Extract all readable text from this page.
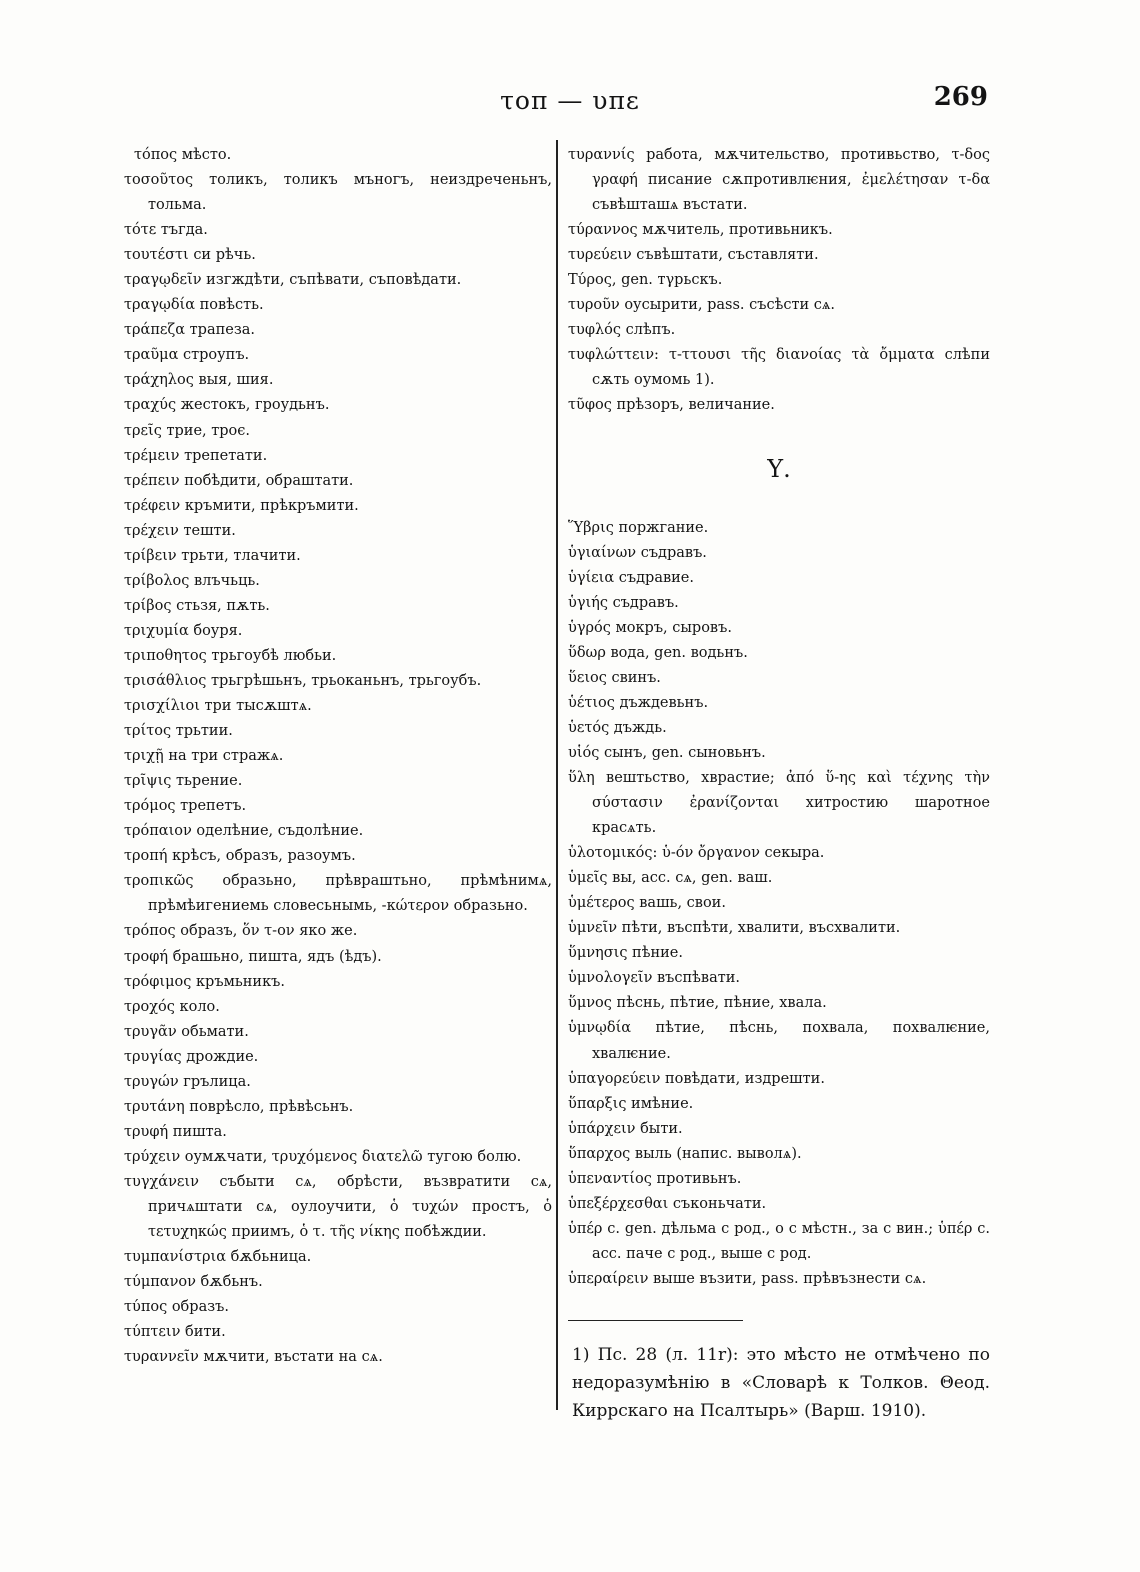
τοπ — υπε	269
τόπος мѣсто.
τοσοῦτος толикъ, толикъ мъногъ, неиздреченьнъ, тольма.
τότε тъгда.
τουτέστι си рѣчь.
τραγῳδεῖν изгждѣти, съпѣвати, съповѣдати.
τραγῳδία повѣсть.
τράπεζα трапеза.
τραῦμα строупъ.
τράχηλος выя, шия.
τραχύς жестокъ, гроудьнъ.
τρεῖς трие, троє.
τρέμειν трепетати.
τρέπειν побѣдити, обраштати.
τρέφειν кръмити, прѣкръмити.
τρέχειν тешти.
τρίβειν трьти, тлачити.
τρίβολος влъчьць.
τρίβος стьзя, пѫть.
τριχυμία боуря.
τριποθητος трьгоубѣ любьи.
τρισάθλιος трьгрѣшьнъ, трьоканьнъ, трьгоубъ.
τρισχίλιοι три тысѫштѧ.
τρίτος трьтии.
τριχῇ на три стражѧ.
τρῖψις тьрение.
τρόμος трепетъ.
τρόπαιον оделѣние, съдолѣние.
τροπή крѣсъ, образъ, разоумъ.
τροπικῶς образьно, прѣвраштьно, прѣмѣнимѧ, прѣмѣигениемь словесьнымь, -κώτερον образьно.
τρόπος образъ, ὅν τ-ον яко же.
τροφή брашьно, пишта, ядъ (ѣдъ).
τρόφιμος кръмьникъ.
τροχός коло.
τρυγᾶν обьмати.
τρυγίας дрождие.
τρυγών грълица.
τρυτάνη поврѣсло, прѣвѣсьнъ.
τρυφή пишта.
τρύχειν оумѫчати, τρυχόμενος διατελῶ тугою болю.
τυγχάνειν събыти сѧ, обрѣсти, възвратити сѧ, причѧштати сѧ, оулоучити, ὁ τυχών простъ, ὁ τετυχηκώς приимъ, ὁ τ. τῆς νίκης побѣждии.
τυμπανίστρια бѫбьница.
τύμπανον бѫбьнъ.
τύπος образъ.
τύπτειν бити.
τυραννεῖν мѫчити, въстати на сѧ.
τυραννίς работа, мѫчительство, противьство, τ-δος γραφή писание сѫпротивлѥния, ἐμελέτησαν τ-δα съвѣшташѧ въстати.
τύραννος мѫчитель, противьникъ.
τυρεύειν съвѣштати, съставляти.
Τύρος, gen. тγрьскъ.
τυροῦν оусырити, pass. съсѣсти сѧ.
τυφλός слѣпъ.
τυφλώττειν: τ-ττουσι τῆς διανοίας τὰ ὄμματα слѣпи сѫть оумомь 1).
τῦφος прѣзоръ, величание.
Υ.
Ὕβρις поржгание.
ὑγιαίνων съдравъ.
ὑγίεια съдравие.
ὑγιής съдравъ.
ὑγρός мокръ, сыровъ.
ὕδωρ вода, gen. водьнъ.
ὕειος свинъ.
ὑέτιος дъждевьнъ.
ὑετός дъждь.
υἱός сынъ, gen. сыновьнъ.
ὕλη вештьство, хврастие; ἀπό ὕ-ης καὶ τέχνης τὴν σύστασιν ἐρανίζονται хитростию шаротное красѧть.
ὑλοτομικός: ὑ-όν ὄργανον секыра.
ὑμεῖς вы, acc. сѧ, gen. ваш.
ὑμέτερος вашь, свои.
ὑμνεῖν пѣти, въспѣти, хвалити, въсхвалити.
ὕμνησις пѣние.
ὑμνολογεῖν въспѣвати.
ὕμνος пѣснь, пѣтие, пѣние, хвала.
ὑμνῳδία пѣтие, пѣснь, похвала, похвалѥние, хвалѥние.
ὑπαγορεύειν повѣдати, издрешти.
ὕπαρξις имѣние.
ὑπάρχειν быти.
ὕπαρχος выль (напис. выволѧ).
ὑπεναντίος противьнъ.
ὑπεξέρχεσθαι съконьчати.
ὑπέρ c. gen. дѣльма с род., о с мѣстн., за с вин.; ὑπέρ c. acc. паче с род., выше с род.
ὑπεραίρειν выше възити, pass. прѣвъзнести сѧ.
1) Пс. 28 (л. 11r): это мѣсто не отмѣчено по недоразумѣнію в «Словарѣ к Толков. Θеод. Киррскаго на Псалтырь» (Варш. 1910).
